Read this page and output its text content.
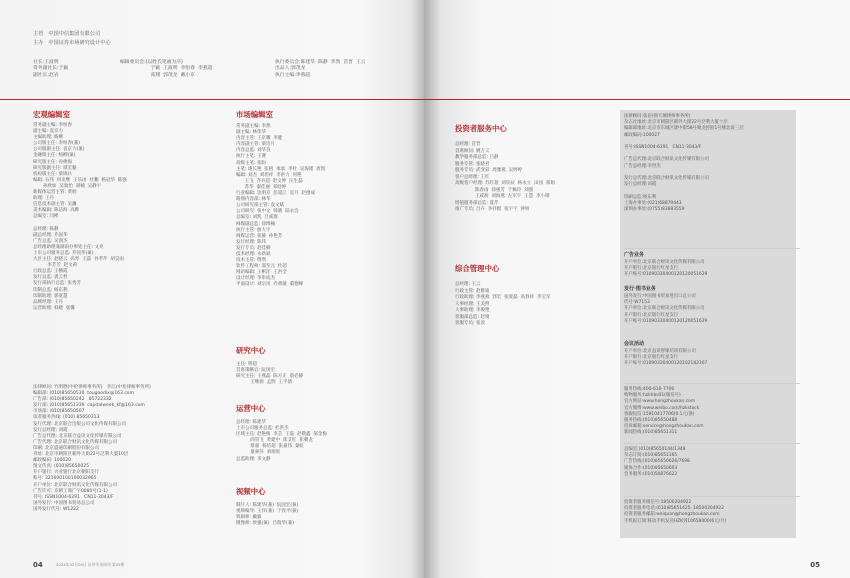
主管   中国中信集团有限公司
主办   中国证券市场研究设计中心
社长:王波明
常务副社长:于颖
副社长:赵岩
编辑委员会:(以姓氏笔画为序)
于颖  王波明  李恒春  李燕超
高翔  郭茂龙  戴小京
执行委员会:陈建华  陈静  李然  首晋  王云
出品人:郭茂龙
执行主编:李燕超
宏观编辑室
常务副主编: 李恒春
副主编: 袁京力
主编助理: 杨柳
公司版主任: 李恒春(兼)
公司版副主任: 袁京力(兼)
金融版主任: 杨柳(兼)
研究版主任: 孙俊海
研究版副主任: 谭宏魁
机构版主任: 梁锦兵
编辑: 石伟  何龙继  王乐由  杜鹏  杨冠华  陈强
孙欣如  吴敦怡  胡楠  吴静宇
新媒体运营主管: 黄炳
助理: 王丹
信息技术副主管: 吴濂
美术编辑: 陈洁海  高晔
总编室: 闫彬

总经理: 陈静
副总经理: 乔国华
广告总监: 吴润杰
总经理助理兼湖南办事处主任: 文亮
上市公司服务总监: 乔国华(兼)
大区主任: 赵晓云  高琴  王磊  谷孝芹  胡昊雨
李芳芳  赵文莉
行政总监: 王横霞
发行总监: 裘云哲
发行部执行总监: 张秀芳
印制总监: 杨东利
印制助理: 郭宽慧
品牌经理: 王丹
运营助理: 韩婕  张馨
法律顾问: 竹明德(中伦律师事务所)   李江(中兆律师事务所)
编辑部: (010)85650530  tougaodix@163.com
广告部: (010)85650242   85722332
发行部: (010)85651339  capitalweek_kf@163.com
市场部: (010)85650507
读者服务热线: (010) 85650313
发行代理: 北京联合出版公司文化传媒有限公司
发行总经理: 刘霞
广告总代理: 北京联合益讯文化传媒有限公司
广告代理: 北京联合财讯文化传媒有限公司
印刷: 北京盛通印刷股份有限公司
刊址: 北京市朝阳区朝外大街22号泛利大厦10层
邮政编码: 100020
图文传真: (010)85650025
开户银行: 兴业银行北京朝阳支行
账号: 321600100100032965
开户单位: 北京联合财讯文化传媒有限公司
广告许可: 京朝工商广字0080号(1-1)
刊号: ISSN1004-6291   CN11-3043/F
国外发行: 中国图书贸易总公司
国外发行代号: W1222
市场编辑室
常务副主编: 李然
副主编: 林伟华
内容主管: 王京耀  李健
内容副主管: 梁培月
内容总监: 刘华良
执行主笔: 王赛
高级主笔: 张盼
主笔: 谢长艳  张梧  承承  李杜  吴海瑾  唐凯
编辑: 刘杰  刘坦祥  李洪力  何艳
王飞  齐兵超  赵文婷  汪生磊
苏华  秦佳丽  邓晗婷
行业编辑: 边明京  彭超江  袁月  赵德成
路图内容部: 林华
公司研究部主管: 袁文斌
公司研究: 张中文  韩晓  陆永会
总编室: 刘凯  吕威群
网媒副总监: 徐博楠
执行主管: 曲大宇
网媒运营: 张静  孙艳芳
发行经理: 陈伟
发行专员: 赵佳楠
技术经理: 永新斌
技术主管: 傅然
软件工程师: 邵至元  杜超
网站编辑: 王彬洋  王洪全
设计经理: 李彤成杰
平面设计: 刘宗岚  乔蕾敏  董德峰
研究中心
主任: 明超
首席策略官: 阮国宏
研究主任: 王燕磊  陈方正  蔡必静
王继源  孟煦  王平倩
运营中心
总经理: 陈建华
上市公司服务总监: 杜洪杰
区域主任: 赵艳梅  李芸  王磊  赵敬鑫  郝金梅
尚崇飞  黄建中  郎艾红  崔朝龙
蔡嘉  杨培超  张嘉伟  秦虹
童翠莎  刘瑞瑶
总监助理: 李文静
视频中心
制片人: 陈建华(兼)  阮国宏(兼)
视频编导: 王洋(兼)  于孜平(兼)
剪辑师: 戴毅
摄像师: 侯强(兼)  吕瑞华(兼)
04	2024年02月04日 证券市场周刊 第05期
投资者服务中心
总经理: 首晋
首席顾问: 姚万义
教学服务部总监: 吕静
服务专管: 张晓君
服务专员: 武变彩  周雅燕  吴婷婷
客户总经理: 王红
高级客户经理: 苏红超  刘崇辰  杨永立  田园  郑娟
陈春雨  徐惠芳  于佩玲  刘强
王咸润  刘海燕  左军宇  王慧  李小钢
增值服务部总监: 夏芹
推广专员: 吕卉  李抒群  张宇宇  钟妍
综合管理中心
总经理: 王云
行政主管: 赵雅迪
行政助理: 李燕燕  郭宏  张爱磊  高春祥  李宝军
人事经理: 王美煦
人事助理: 李俊艳
客服部总监: 赵婧
客服专员: 张羡
法律顾问:张岩(锦天城律师事务所)
杂志社地址:北京市朝阳区朝外大街22号泛利大厦十层
编辑部地址:北京市东城区建中街58号聚龙控股1号楼北段三层
邮政编码:100027

刊号:ISSN1004-6291   CN11-3043/F

广告总代理:北京联合财讯文化传媒有限公司
广告总经理:李世杰

发行总代理:北京联合财讯文化传媒有限公司
发行总经理:刘霞

印刷总监:杨东利
上海办事处:(021)68879443
深圳办事处:(0755)83683559
广告业务
开户单位:北京联合财讯文化传媒有限公司
开户银行:北京银行红星支行
开户账号:01090330400120120051629
发行·图书业务
国外发行:中国图书贸易进出口总公司
代号:W7153
开户单位:北京联合财讯文化传媒有限公司
开户银行:北京银行红星支行
开户账号:01090330400120120051629
会议活动
开户单位:北京益讯智媒培训有限公司
开户银行:北京银行红星支行
开户账号:01090330400120102182307
服务热线:400-616-7706
购物服务:hzkhbs01(微信号)
官方网站:www.hongzhoukan.com
官方微博:www.weibo.com/hzkstock
客服短信:15910417706(0.1元/条)
服务热线:(010)85650488
投诉邮箱:service@hongzhoukan.com
新闻热线:(010)85651311
总编室:(010)85650144/1348
杂志订阅:(010)85651165
广告热线:(010)85650626/7698
媒体合作:(010)85650603
会务服务:(010)50876622
投资者服务微信号:18500204922
投资者服务电话:(010)85651425, 18500204922
投资者服务邮箱:weiquan@hongzhoukan.com
手机报订阅:移动手机发送HZK到10658000(6元/月)
05
